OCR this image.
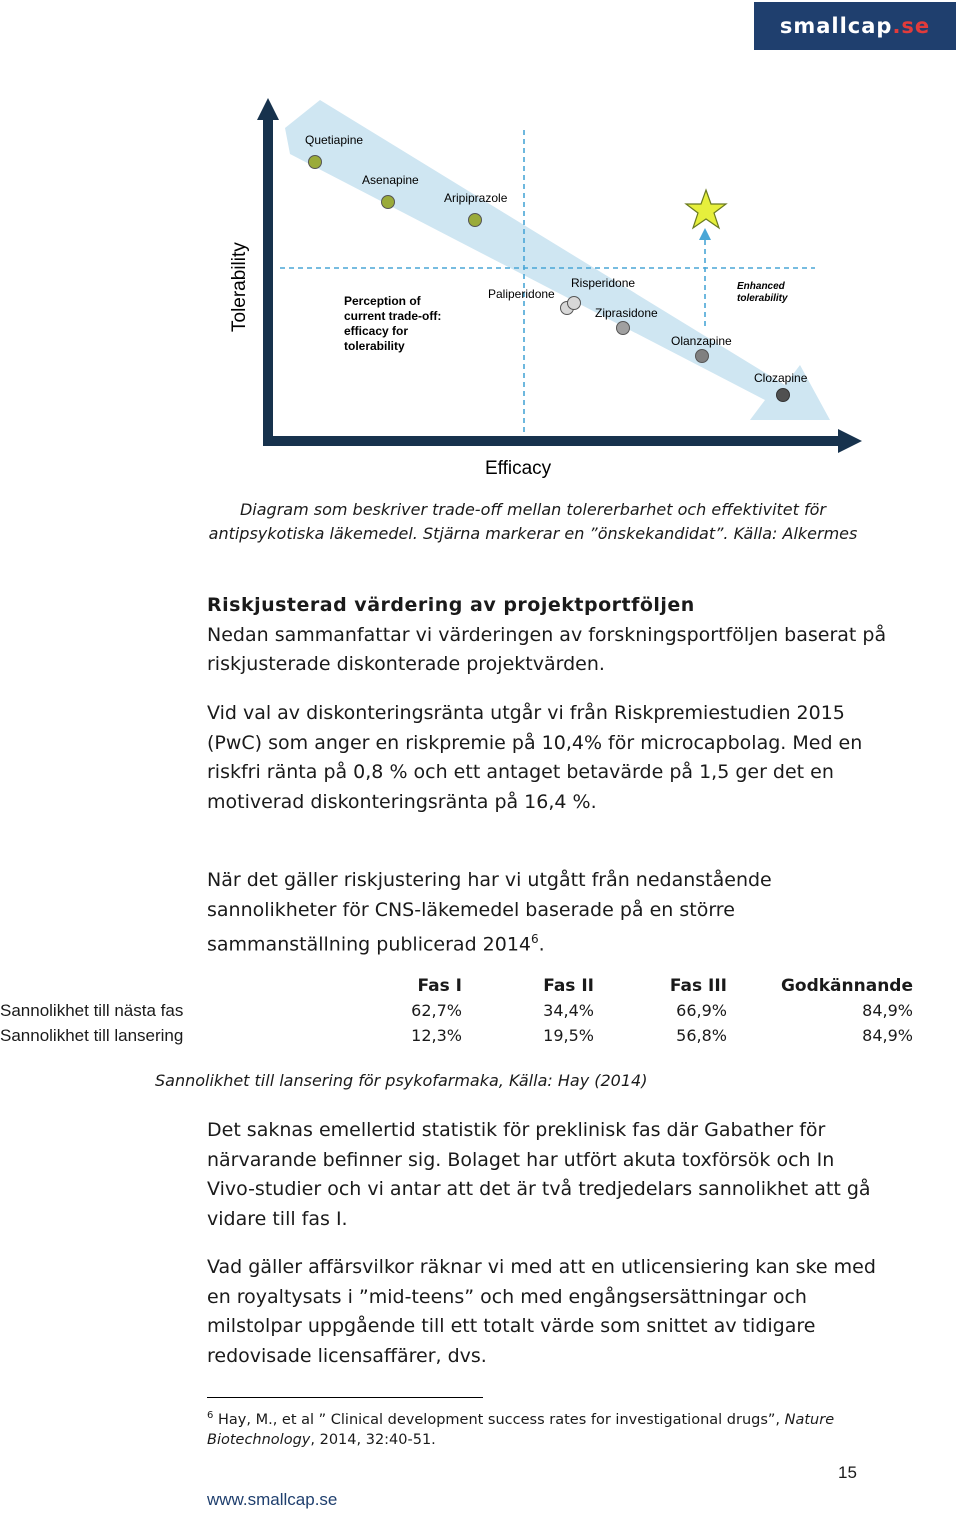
smallcap .se
Quetiapine
Asenapine
Aripiprazole
Paliperidone
Risperidone
Ziprasidone
Olanzapine
Clozapine
Perception of
current trade-off:
efficacy for
tolerability
Enhanced
tolerability
Tolerability
Efficacy
Diagram som beskriver trade-off mellan tolererbarhet och effektivitet för antipsykotiska läkemedel. Stjärna markerar en ”önskekandidat”. Källa: Alkermes
Riskjusterad värdering av projektportföljen
Nedan sammanfattar vi värderingen av forskningsportföljen baserat på riskjusterade diskonterade projektvärden.
Vid val av diskonteringsränta utgår vi från Riskpremiestudien 2015 (PwC) som anger en riskpremie på 10,4% för microcapbolag. Med en riskfri ränta på 0,8 % och ett antaget betavärde på 1,5 ger det en motiverad diskonteringsränta på 16,4 %.
När det gäller riskjustering har vi utgått från nedanstående sannolikheter för CNS-läkemedel baserade på en större sammanställning publicerad 2014$^6$.
	Fas I	Fas II	Fas III	Godkännande
Sannolikhet till nästa fas	62,7%	34,4%	66,9%	84,9%
Sannolikhet till lansering	12,3%	19,5%	56,8%	84,9%
Sannolikhet till lansering för psykofarmaka, Källa: Hay (2014)
Det saknas emellertid statistik för preklinisk fas där Gabather för närvarande befinner sig. Bolaget har utfört akuta toxförsök och In Vivo-studier och vi antar att det är två tredjedelars sannolikhet att gå vidare till fas I.
Vad gäller affärsvilkor räknar vi med att en utlicensiering kan ske med en royaltysats i ”mid-teens” och med engångsersättningar och milstolpar uppgående till ett totalt värde som snittet av tidigare redovisade licensaffärer, dvs.
$^6$ Hay, M., et al ” Clinical development success rates for investigational drugs”, Nature Biotechnology, 2014, 32:40-51.
15
www.smallcap.se
